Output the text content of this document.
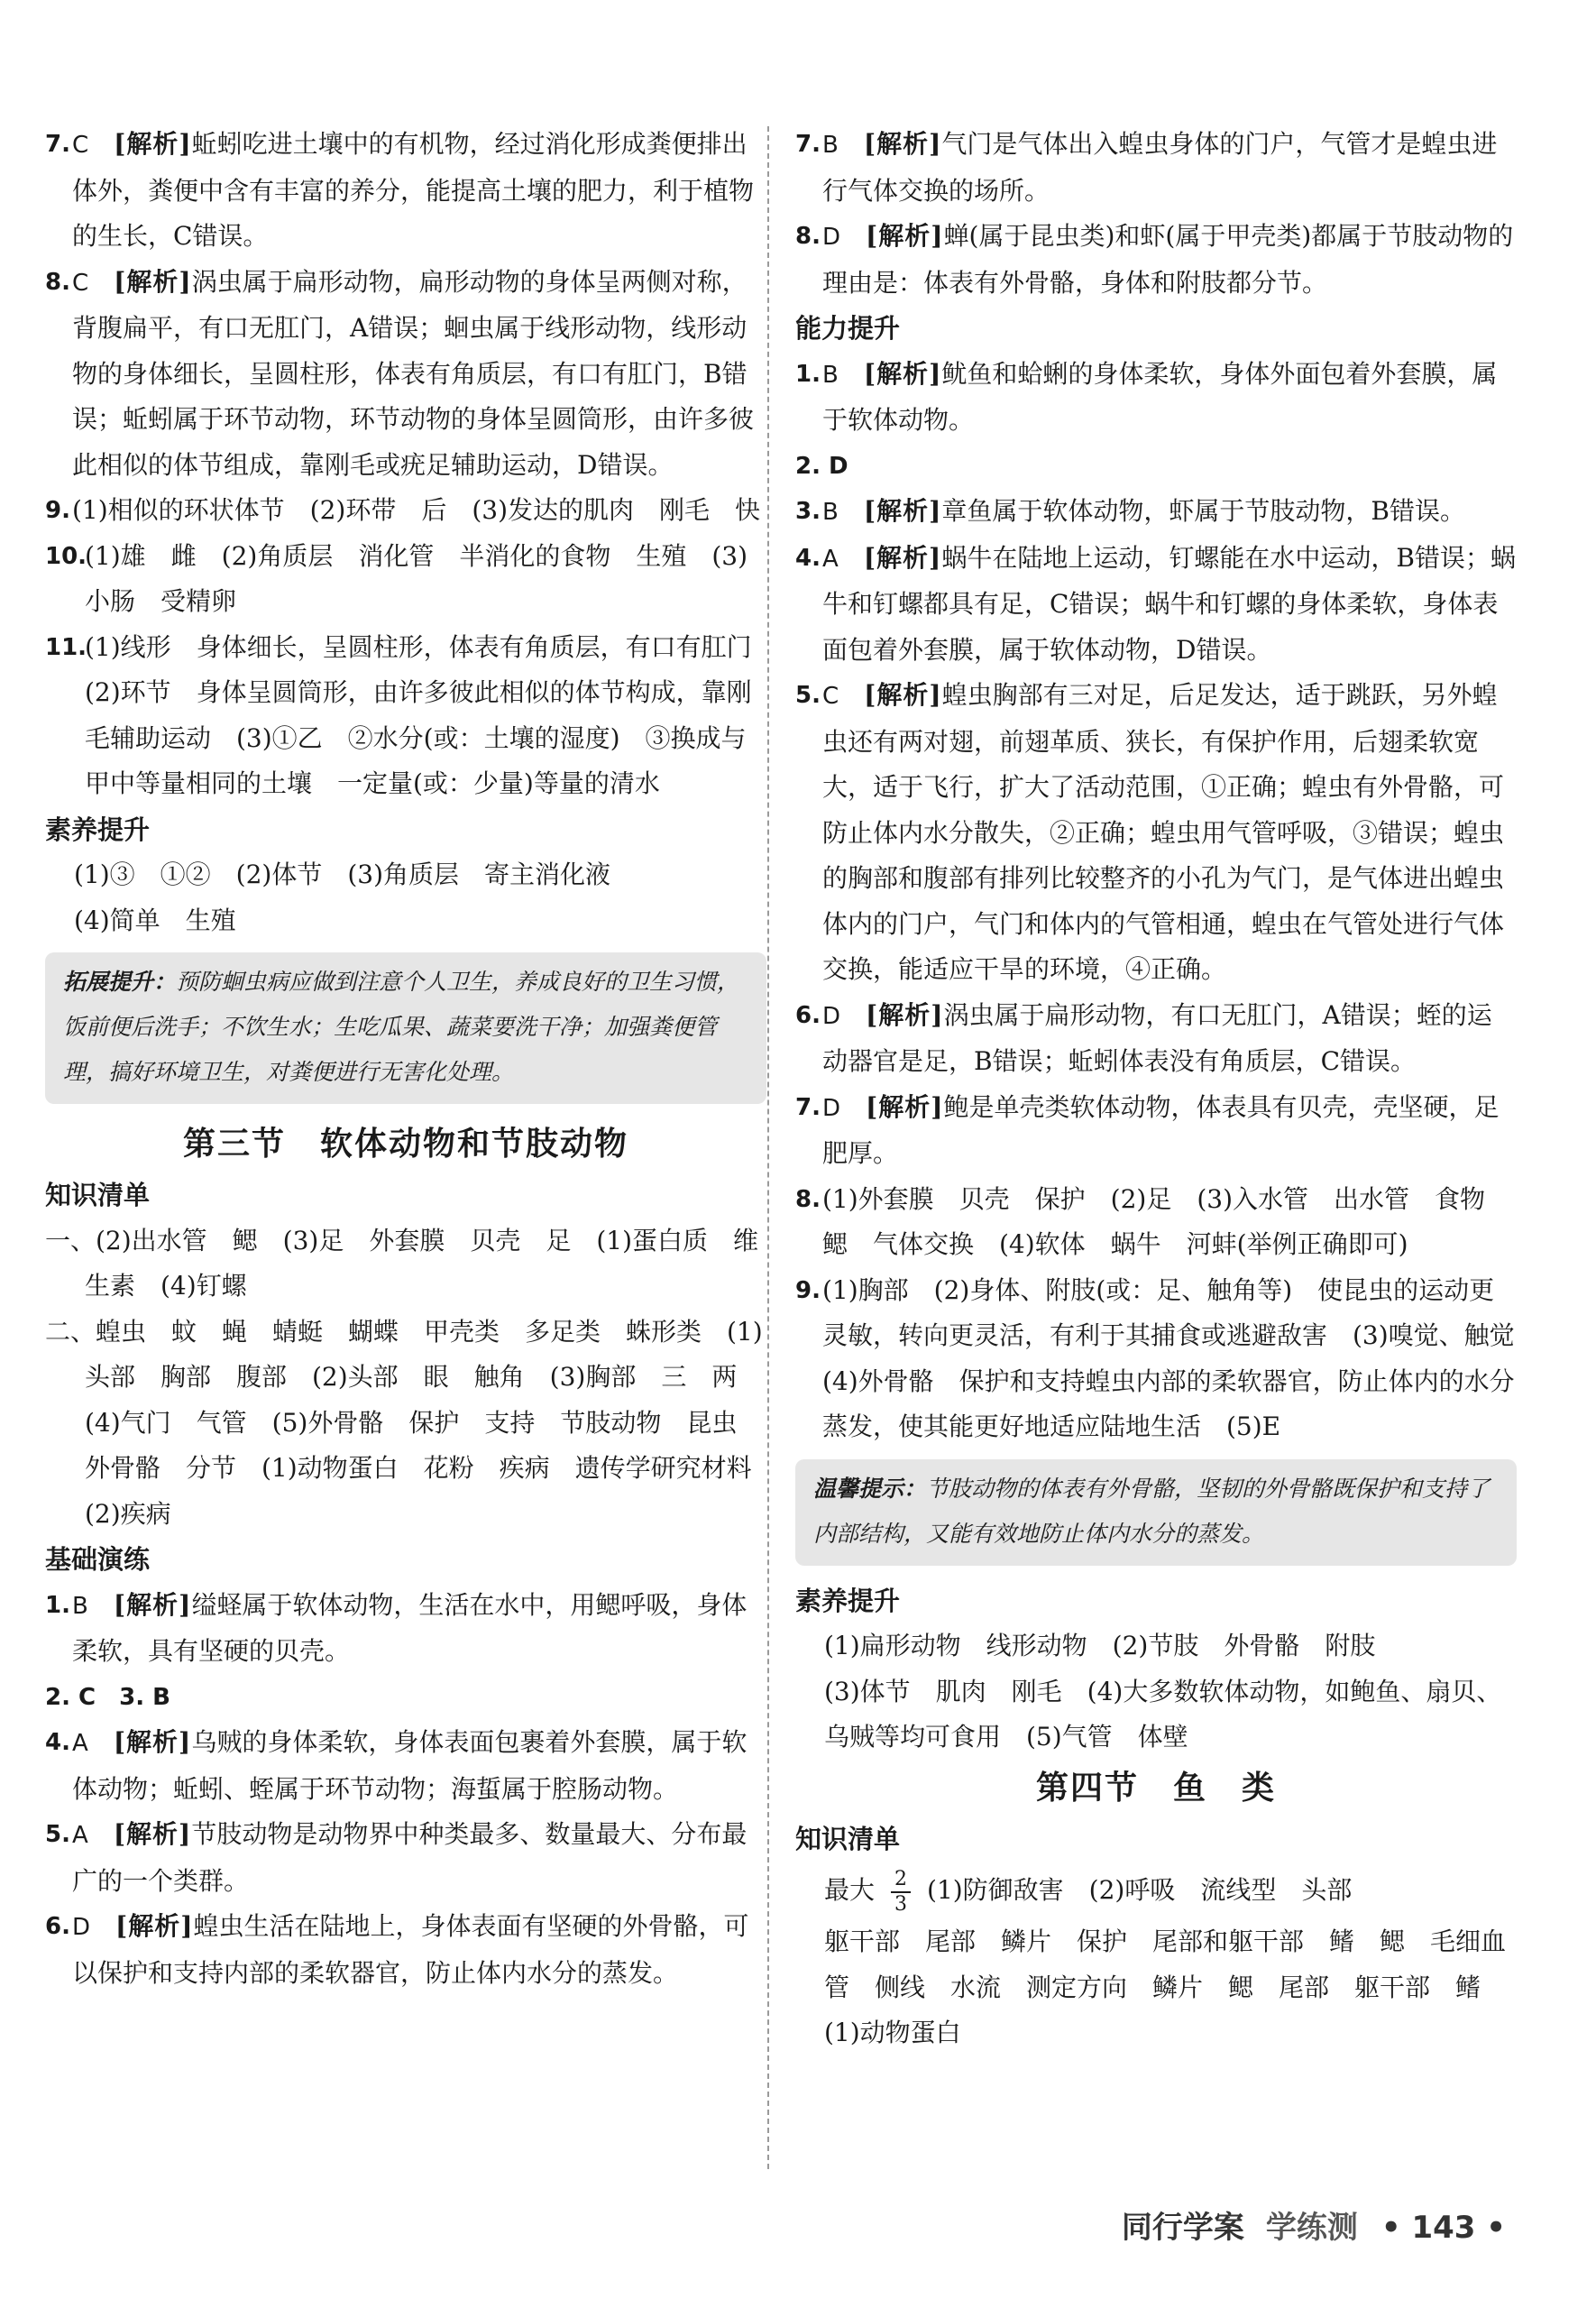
7. C　 [解析]蚯蚓吃进土壤中的有机物，经过消化形成粪便排出体外，粪便中含有丰富的养分，能提高土壤的肥力，利于植物的生长，C错误。

8. C　 [解析]涡虫属于扁形动物，扁形动物的身体呈两侧对称，背腹扁平，有口无肛门，A错误；蛔虫属于线形动物，线形动物的身体细长，呈圆柱形，体表有角质层，有口有肛门，B错误；蚯蚓属于环节动物，环节动物的身体呈圆筒形，由许多彼此相似的体节组成，靠刚毛或疣足辅助运动，D错误。

9. (1)相似的环状体节　(2)环带　后　(3)发达的肌肉　刚毛　快

10.
(1)雄　雌　(2)角质层　消化管　半消化的食物　生殖　(3)小肠　受精卵

11.
(1)线形　身体细长，呈圆柱形，体表有角质层，有口有肛门　(2)环节　身体呈圆筒形，由许多彼此相似的体节构成，靠刚毛辅助运动　(3)①乙　②水分(或：土壤的湿度)　③换成与甲中等量相同的土壤　一定量(或：少量)等量的清水

素养提升

(1)③　①②　(2)体节　(3)角质层　寄主消化液

(4)简单　生殖

拓展提升：预防蛔虫病应做到注意个人卫生，养成良好的卫生习惯，饭前便后洗手；不饮生水；生吃瓜果、蔬菜要洗干净；加强粪便管理，搞好环境卫生，对粪便进行无害化处理。
第三节　软体动物和节肢动物

知识清单

一、(2)出水管　鳃　(3)足　外套膜　贝壳　足　(1)蛋白质　维生素　(4)钉螺

二、蝗虫　蚊　蝇　蜻蜓　蝴蝶　甲壳类　多足类　蛛形类　(1)头部　胸部　腹部　(2)头部　眼　触角　(3)胸部　三　两　(4)气门　气管　(5)外骨骼　保护　支持　节肢动物　昆虫　外骨骼　分节　(1)动物蛋白　花粉　疾病　遗传学研究材料　(2)疾病

基础演练

1. B　 [解析]缢蛏属于软体动物，生活在水中，用鳃呼吸，身体柔软，具有坚硬的贝壳。

2. C　3. B

4. A　 [解析]乌贼的身体柔软，身体表面包裹着外套膜，属于软体动物；蚯蚓、蛭属于环节动物；海蜇属于腔肠动物。

5. A　 [解析]节肢动物是动物界中种类最多、数量最大、分布最广的一个类群。

6. D　 [解析]蝗虫生活在陆地上，身体表面有坚硬的外骨骼，可以保护和支持内部的柔软器官，防止体内水分的蒸发。

7. B　 [解析]气门是气体出入蝗虫身体的门户，气管才是蝗虫进行气体交换的场所。

8. D　 [解析]蝉(属于昆虫类)和虾(属于甲壳类)都属于节肢动物的理由是：体表有外骨骼，身体和附肢都分节。

能力提升

1. B　 [解析]鱿鱼和蛤蜊的身体柔软，身体外面包着外套膜，属于软体动物。

2. D

3. B　 [解析]章鱼属于软体动物，虾属于节肢动物，B错误。

4. A　 [解析]蜗牛在陆地上运动，钉螺能在水中运动，B错误；蜗牛和钉螺都具有足，C错误；蜗牛和钉螺的身体柔软，身体表面包着外套膜，属于软体动物，D错误。

5. C　 [解析]蝗虫胸部有三对足，后足发达，适于跳跃，另外蝗虫还有两对翅，前翅革质、狭长，有保护作用，后翅柔软宽大，适于飞行，扩大了活动范围，①正确；蝗虫有外骨骼，可防止体内水分散失，②正确；蝗虫用气管呼吸，③错误；蝗虫的胸部和腹部有排列比较整齐的小孔为气门，是气体进出蝗虫体内的门户，气门和体内的气管相通，蝗虫在气管处进行气体交换，能适应干旱的环境，④正确。

6. D　 [解析]涡虫属于扁形动物，有口无肛门，A错误；蛭的运动器官是足，B错误；蚯蚓体表没有角质层，C错误。

7. D　 [解析]鲍是单壳类软体动物，体表具有贝壳，壳坚硬，足肥厚。

8. (1)外套膜　贝壳　保护　(2)足　(3)入水管　出水管　食物　鳃　气体交换　(4)软体　蜗牛　河蚌(举例正确即可)

9. (1)胸部　(2)身体、附肢(或：足、触角等)　使昆虫的运动更灵敏，转向更灵活，有利于其捕食或逃避敌害　(3)嗅觉、触觉　(4)外骨骼　保护和支持蝗虫内部的柔软器官，防止体内的水分蒸发，使其能更好地适应陆地生活　(5)E

温馨提示：节肢动物的体表有外骨骼，坚韧的外骨骼既保护和支持了内部结构，又能有效地防止体内水分的蒸发。

素养提升

(1)扁形动物　线形动物　(2)节肢　外骨骼　附肢

(3)体节　肌肉　刚毛　(4)大多数软体动物，如鲍鱼、扇贝、乌贼等均可食用　(5)气管　体壁

第四节　鱼　类

知识清单

最大 $\frac{2}{3} (1)$防御敌害　(2)呼吸　流线型　头部

躯干部　尾部　鳞片　保护　尾部和躯干部　鳍　鳃　毛细血管　侧线　水流　测定方向　鳞片　鳃　尾部　躯干部　鳍　(1)动物蛋白

同行学案 学练测 • 143 •
